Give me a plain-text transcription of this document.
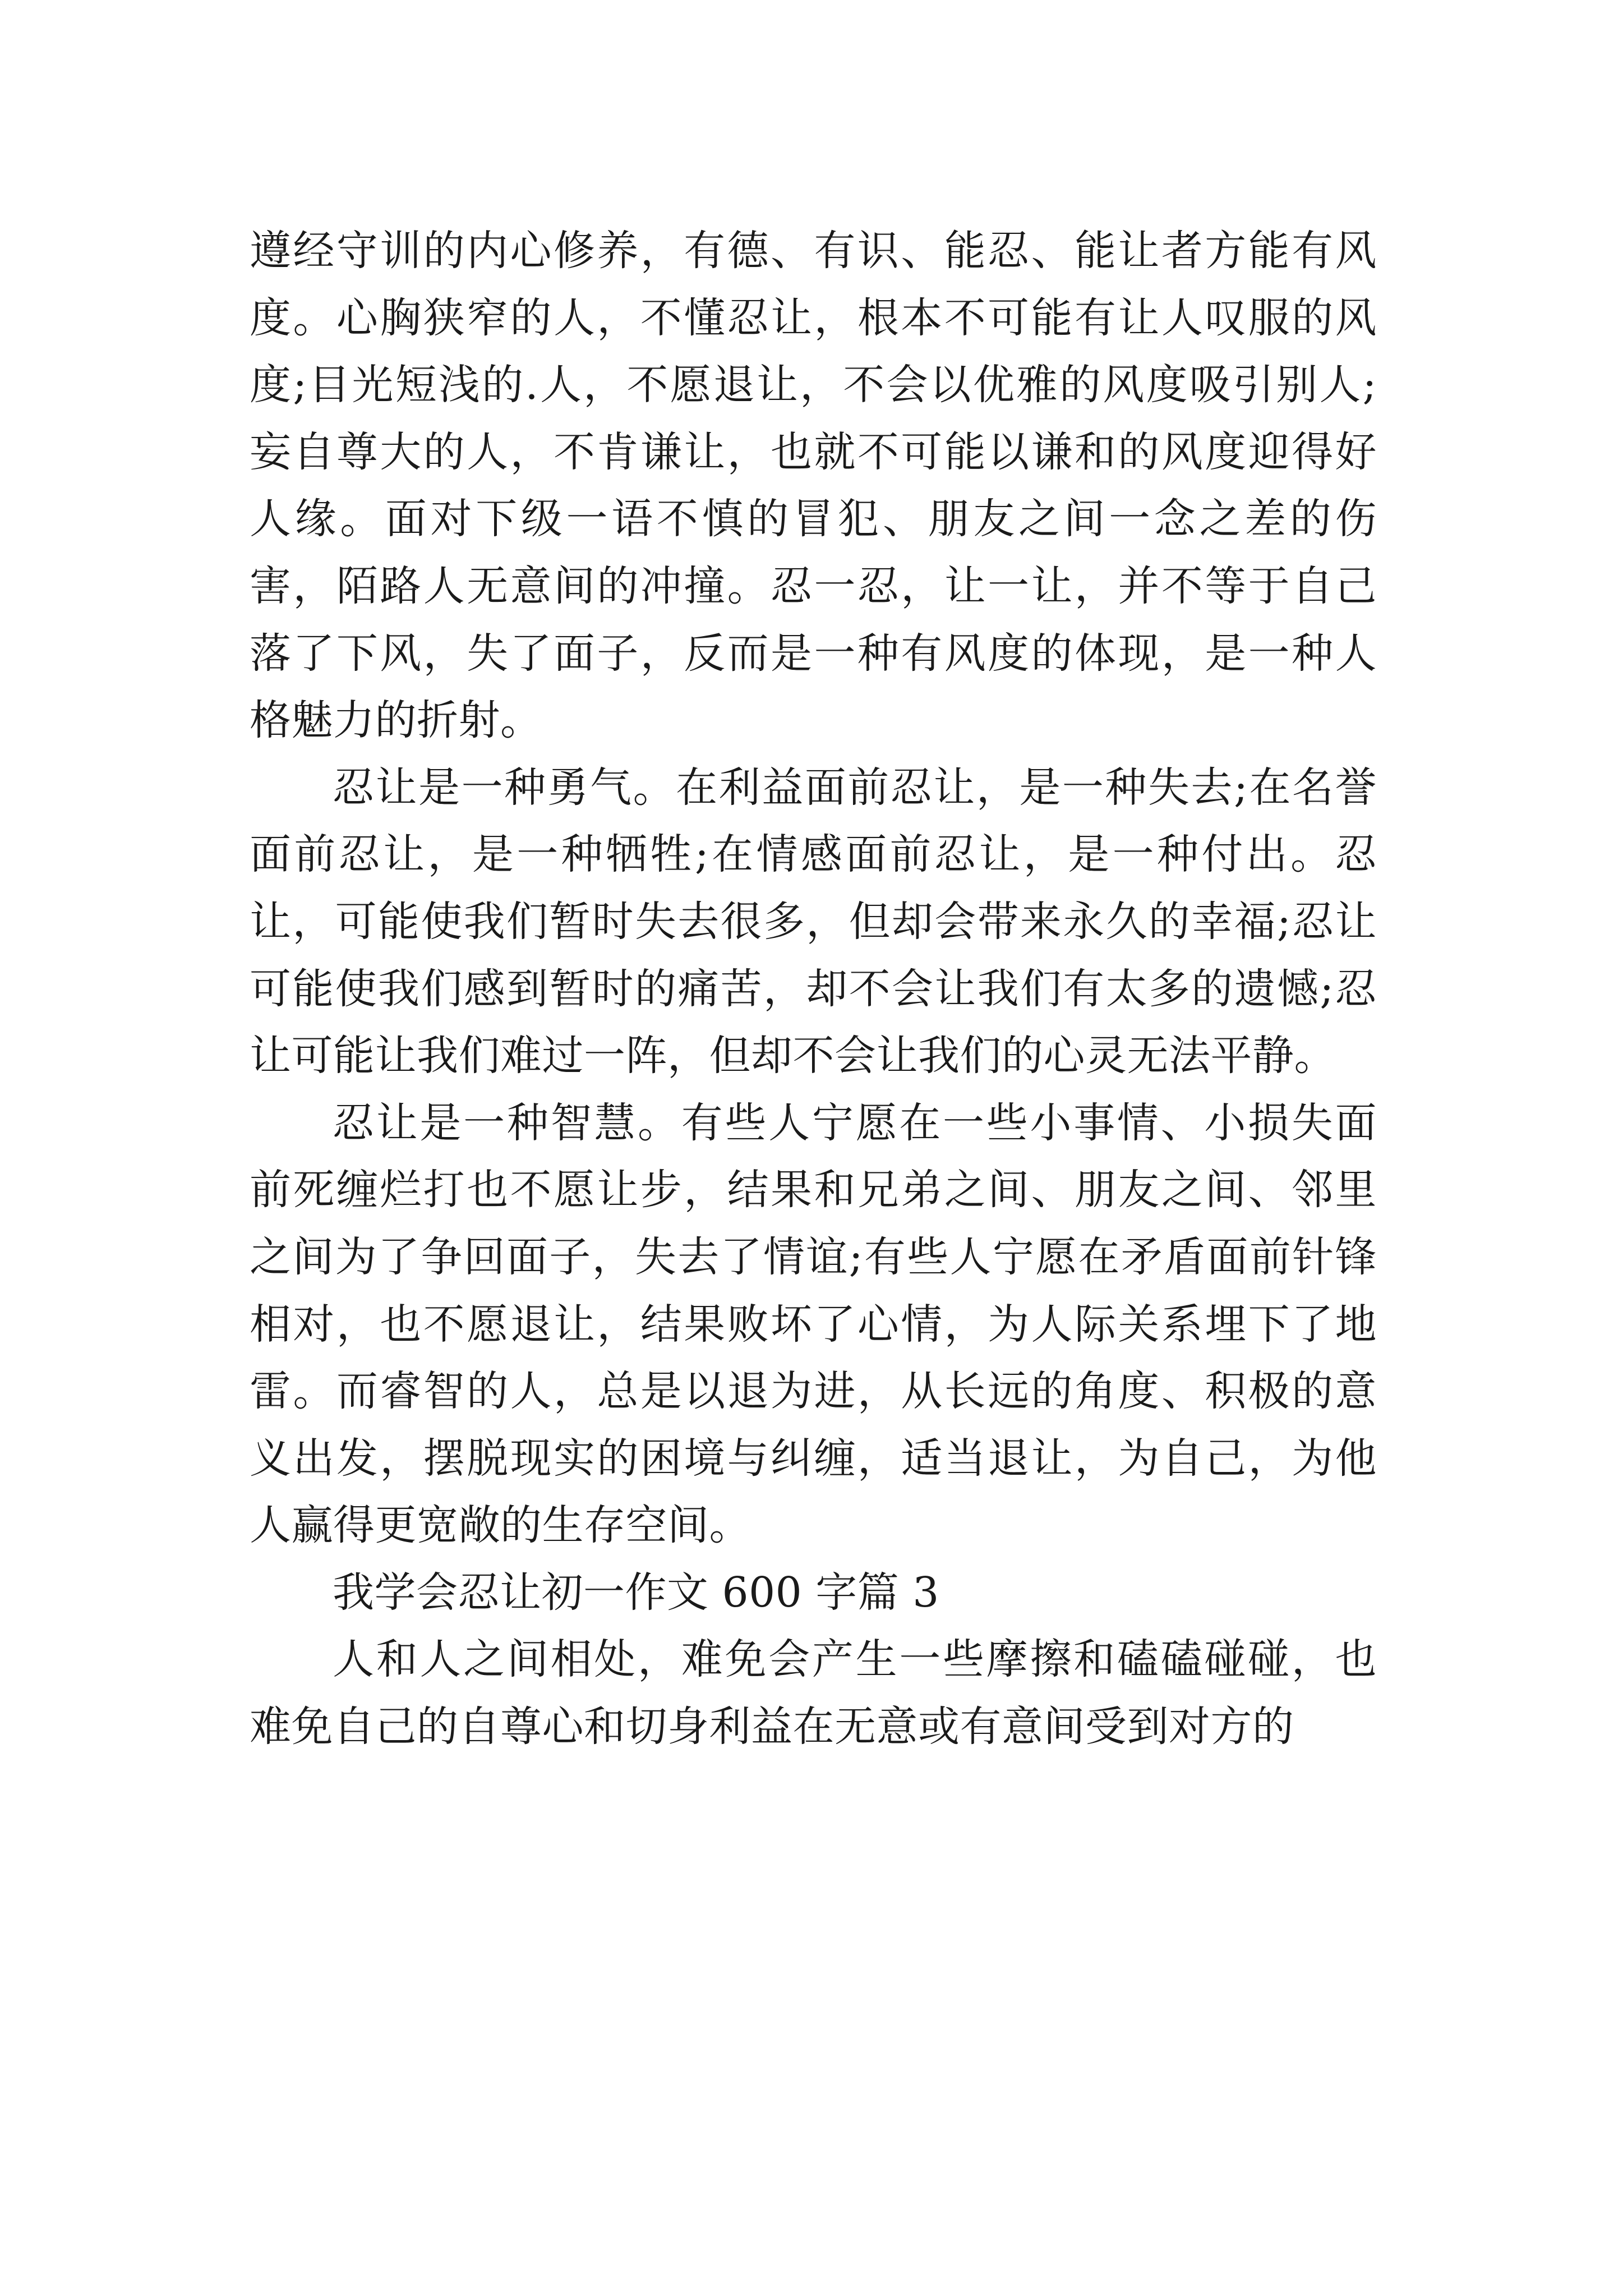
遵经守训的内心修养，有德、有识、能忍、能让者方能有风度。心胸狭窄的人，不懂忍让，根本不可能有让人叹服的风度;目光短浅的.人，不愿退让，不会以优雅的风度吸引别人;妄自尊大的人，不肯谦让，也就不可能以谦和的风度迎得好人缘。面对下级一语不慎的冒犯、朋友之间一念之差的伤害，陌路人无意间的冲撞。忍一忍，让一让，并不等于自己落了下风，失了面子，反而是一种有风度的体现，是一种人格魅力的折射。

忍让是一种勇气。在利益面前忍让，是一种失去;在名誉面前忍让，是一种牺牲;在情感面前忍让，是一种付出。忍让，可能使我们暂时失去很多，但却会带来永久的幸福;忍让可能使我们感到暂时的痛苦，却不会让我们有太多的遗憾;忍让可能让我们难过一阵，但却不会让我们的心灵无法平静。

忍让是一种智慧。有些人宁愿在一些小事情、小损失面前死缠烂打也不愿让步，结果和兄弟之间、朋友之间、邻里之间为了争回面子，失去了情谊;有些人宁愿在矛盾面前针锋相对，也不愿退让，结果败坏了心情，为人际关系埋下了地雷。而睿智的人，总是以退为进，从长远的角度、积极的意义出发，摆脱现实的困境与纠缠，适当退让，为自己，为他人赢得更宽敞的生存空间。

我学会忍让初一作文 600 字篇 3

人和人之间相处，难免会产生一些摩擦和磕磕碰碰，也难免自己的自尊心和切身利益在无意或有意间受到对方的
